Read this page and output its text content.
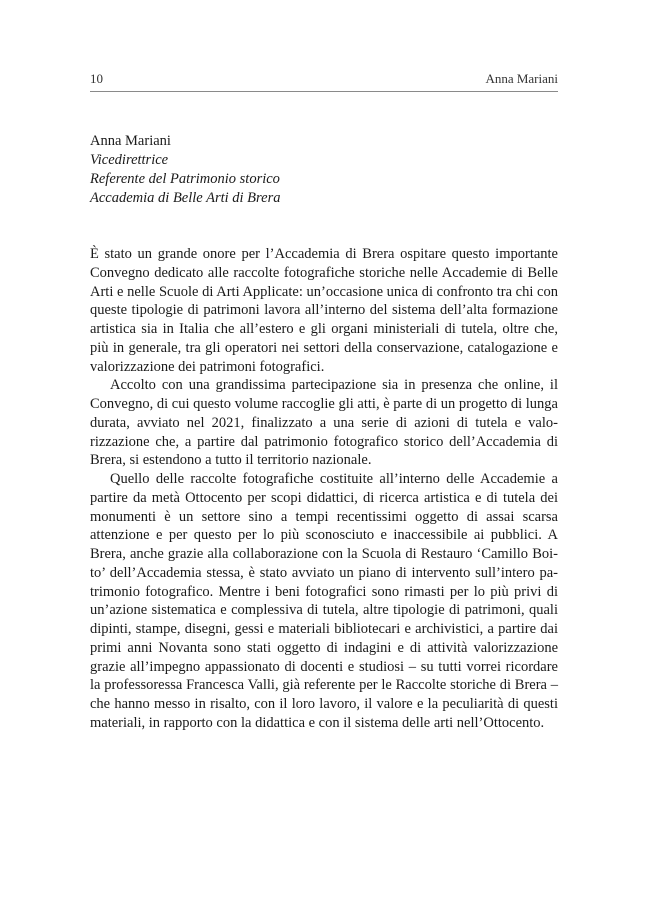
10	Anna Mariani
Anna Mariani
Vicedirettrice
Referente del Patrimonio storico
Accademia di Belle Arti di Brera

È stato un grande onore per l’Accademia di Brera ospitare questo importante Convegno dedicato alle raccolte fotografiche storiche nelle Accademie di Belle Arti e nelle Scuole di Arti Applicate: un’occasione unica di confronto tra chi con queste tipologie di patrimoni lavora all’interno del sistema dell’alta formazione artistica sia in Italia che all’estero e gli organi ministeriali di tutela, oltre che, più in generale, tra gli operatori nei settori della conservazione, catalogazione e valorizzazione dei patrimoni fotografici.

Accolto con una grandissima partecipazione sia in presenza che online, il Convegno, di cui questo volume raccoglie gli atti, è parte di un progetto di lunga durata, avviato nel 2021, finalizzato a una serie di azioni di tutela e valorizzazione che, a partire dal patrimonio fotografico storico dell’Accademia di Brera, si estendono a tutto il territorio nazionale.

Quello delle raccolte fotografiche costituite all’interno delle Accademie a partire da metà Ottocento per scopi didattici, di ricerca artistica e di tutela dei monumenti è un settore sino a tempi recentissimi oggetto di assai scarsa attenzione e per questo per lo più sconosciuto e inaccessibile ai pubblici. A Brera, anche grazie alla collaborazione con la Scuola di Restauro ‘Camillo Boito’ dell’Accademia stessa, è stato avviato un piano di intervento sull’intero patrimonio fotografico. Mentre i beni fotografici sono rimasti per lo più privi di un’azione sistematica e complessiva di tutela, altre tipologie di patrimoni, quali dipinti, stampe, disegni, gessi e materiali bibliotecari e archivistici, a partire dai primi anni Novanta sono stati oggetto di indagini e di attività valorizzazione grazie all’impegno appassionato di docenti e studiosi – su tutti vorrei ricordare la professoressa Francesca Valli, già referente per le Raccolte storiche di Brera – che hanno messo in risalto, con il loro lavoro, il valore e la peculiarità di questi materiali, in rapporto con la didattica e con il sistema delle arti nell’Ottocento.
